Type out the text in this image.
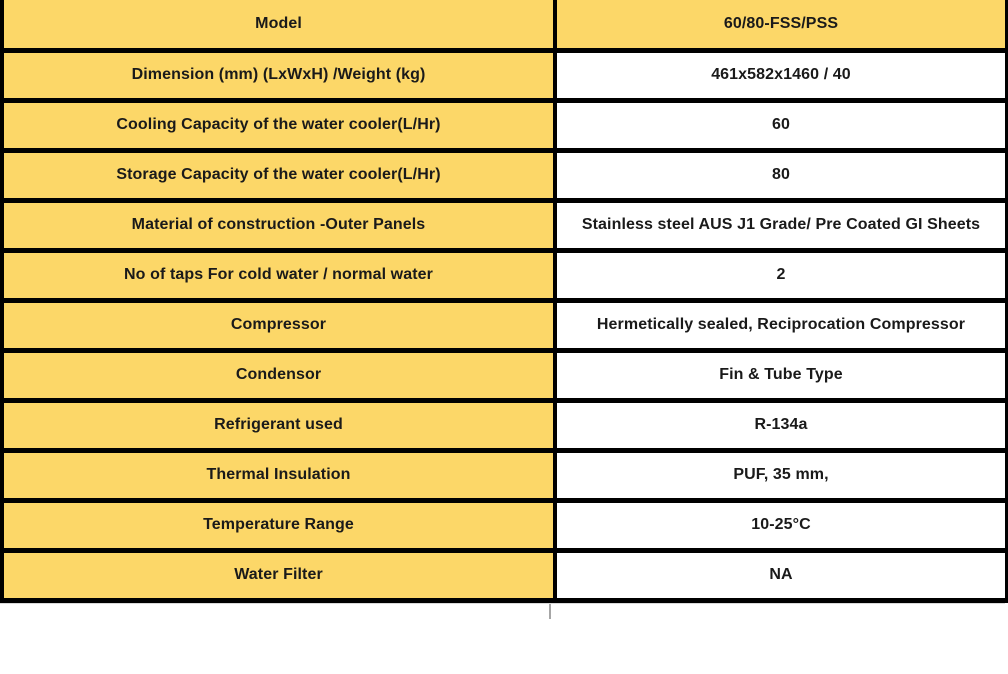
Model	60/80-FSS/PSS
Dimension (mm) (LxWxH) /Weight (kg)	461x582x1460 / 40
Cooling Capacity of the water cooler(L/Hr)	60
Storage Capacity of the water cooler(L/Hr)	80
Material of construction -Outer Panels	Stainless steel AUS J1 Grade/ Pre Coated GI Sheets
No of taps For cold water / normal water	2
Compressor	Hermetically sealed, Reciprocation Compressor
Condensor	Fin & Tube Type
Refrigerant used	R-134a
Thermal Insulation	PUF, 35 mm,
Temperature Range	10-25°C
Water Filter	NA
